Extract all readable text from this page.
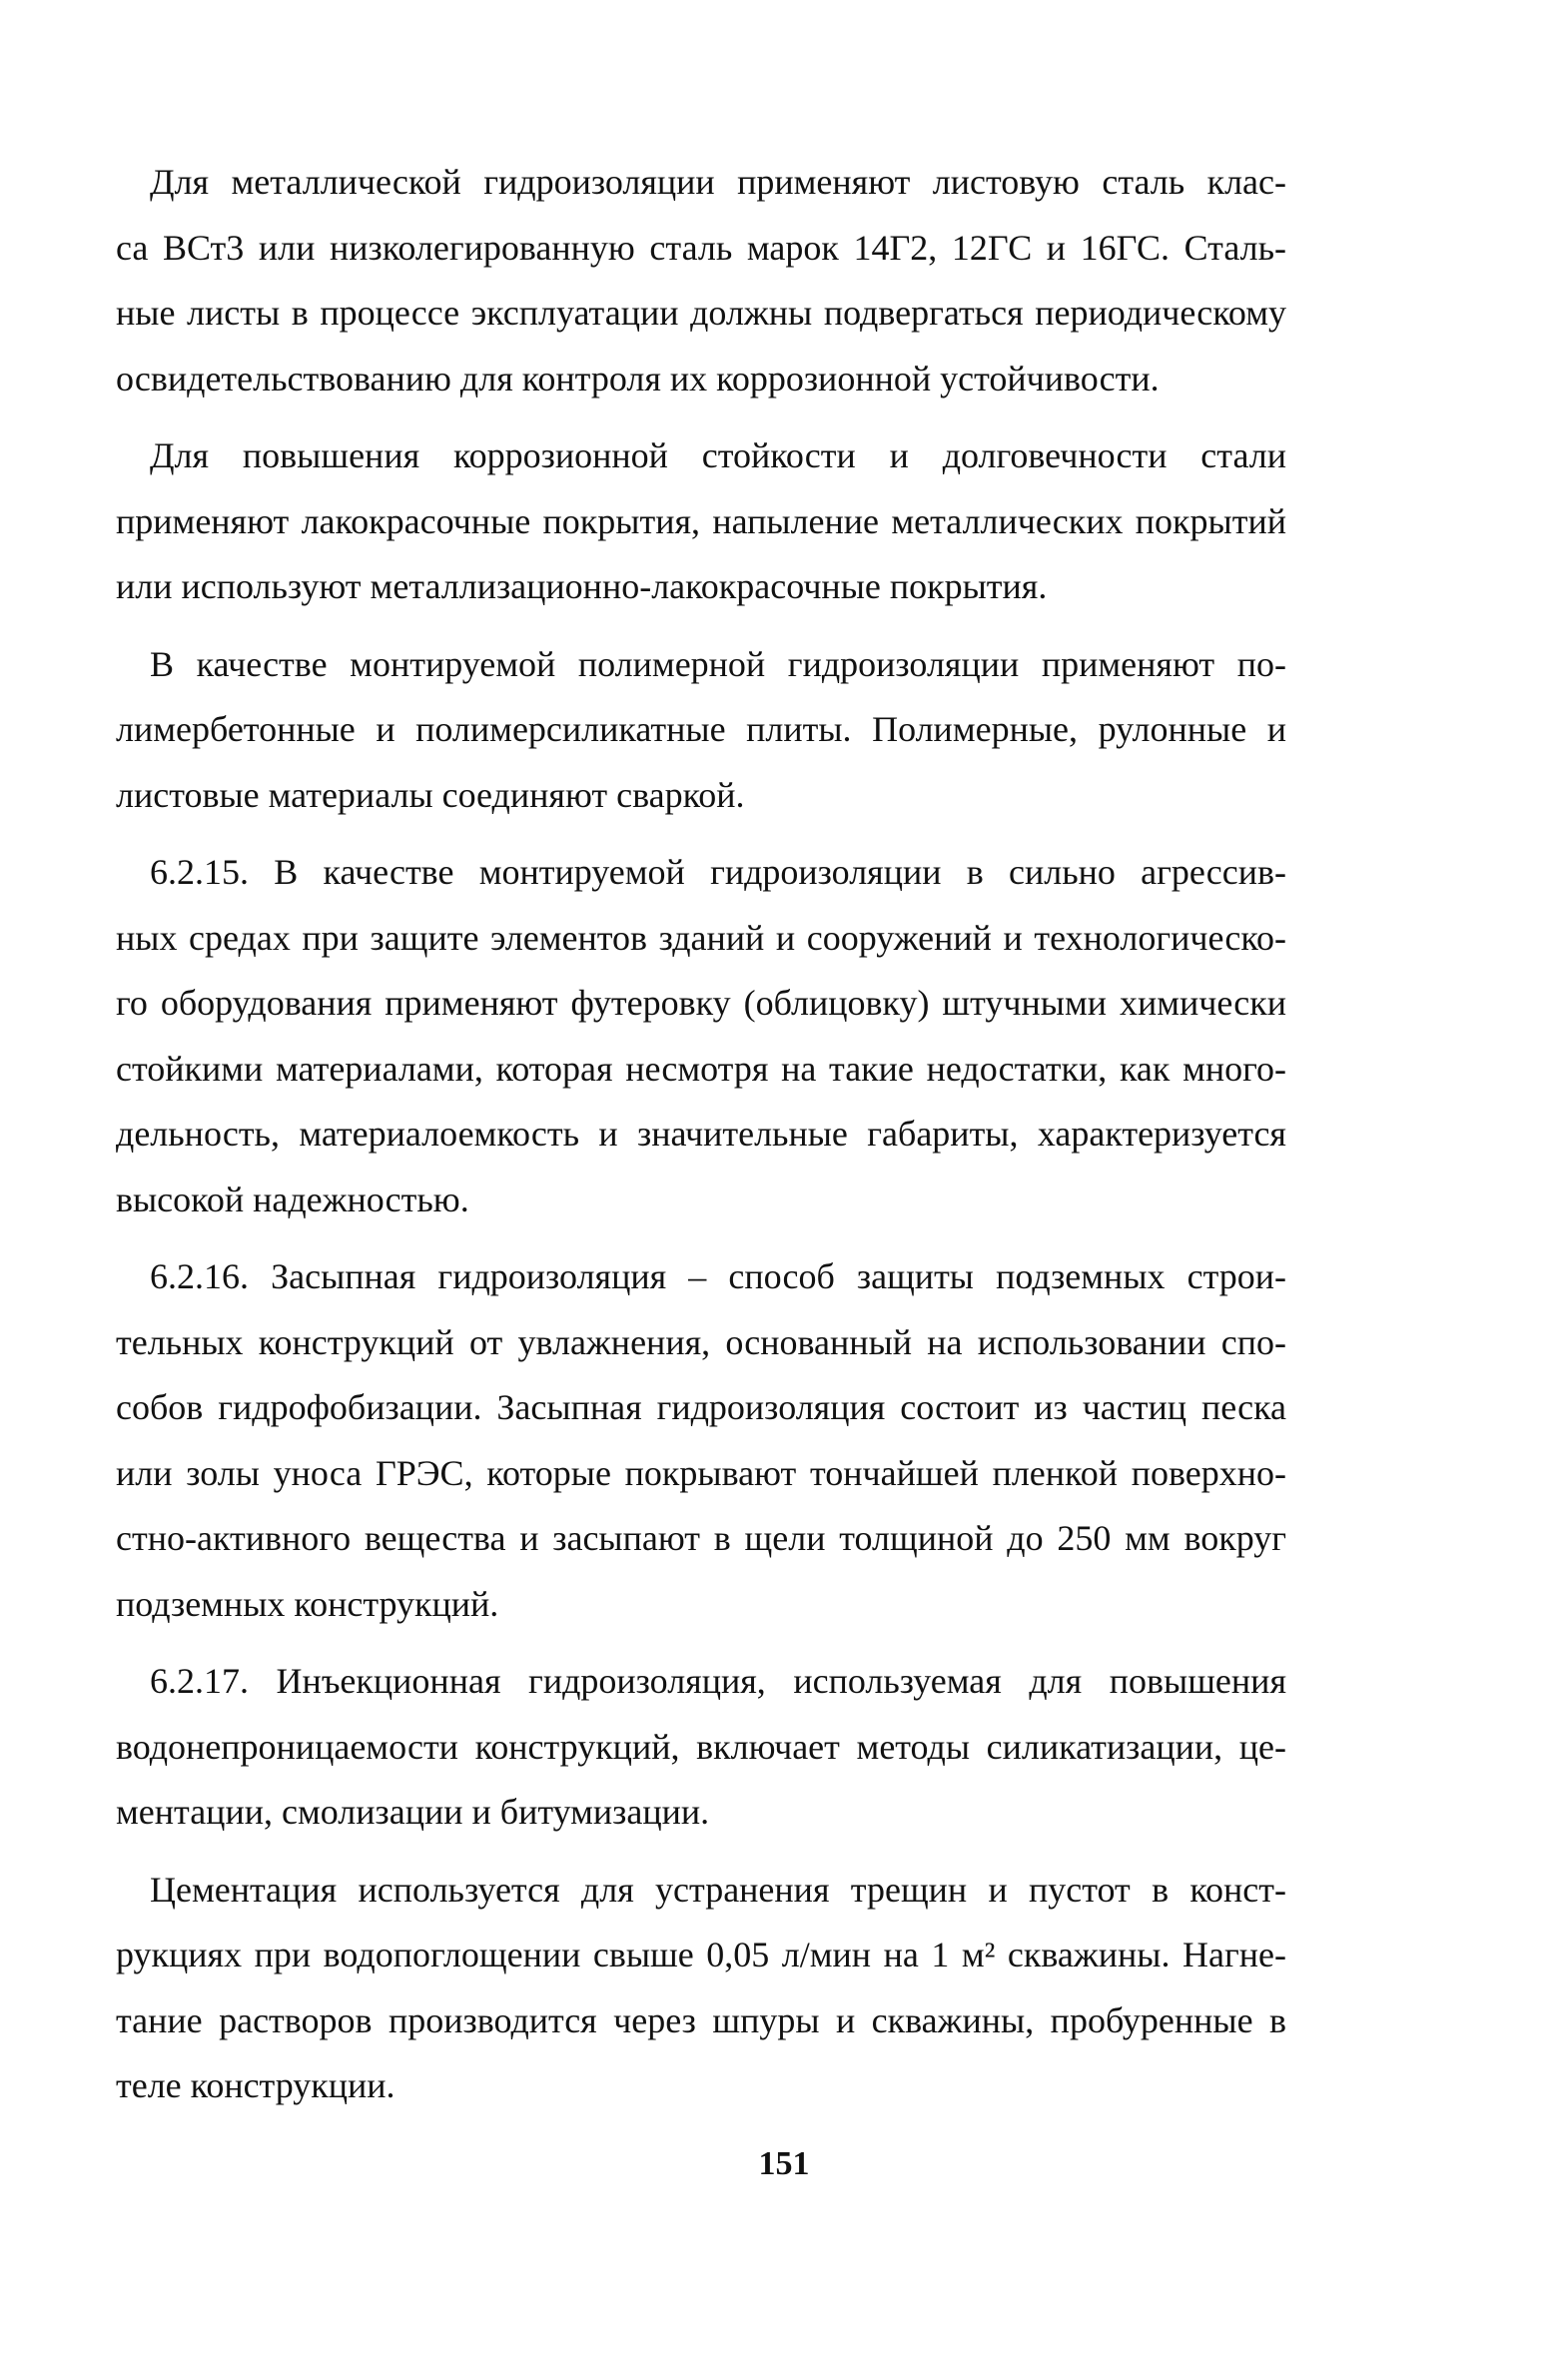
Для металлической гидроизоляции применяют листовую сталь клас-
са ВСт3 или низколегированную сталь марок 14Г2, 12ГС и 16ГС. Сталь-
ные листы в процессе эксплуатации должны подвергаться периодическому
освидетельствованию для контроля их коррозионной устойчивости.

Для повышения коррозионной стойкости и долговечности стали
применяют лакокрасочные покрытия, напыление металлических покрытий
или используют металлизационно-лакокрасочные покрытия.

В качестве монтируемой полимерной гидроизоляции применяют по-
лимербетонные и полимерсиликатные плиты. Полимерные, рулонные и
листовые материалы соединяют сваркой.

6.2.15. В качестве монтируемой гидроизоляции в сильно агрессив-
ных средах при защите элементов зданий и сооружений и технологическо-
го оборудования применяют футеровку (облицовку) штучными химически
стойкими материалами, которая несмотря на такие недостатки, как много-
дельность, материалоемкость и значительные габариты, характеризуется
высокой надежностью.

6.2.16. Засыпная гидроизоляция – способ защиты подземных строи-
тельных конструкций от увлажнения, основанный на использовании спо-
собов гидрофобизации. Засыпная гидроизоляция состоит из частиц песка
или золы уноса ГРЭС, которые покрывают тончайшей пленкой поверхно-
стно-активного вещества и засыпают в щели толщиной до 250 мм вокруг
подземных конструкций.

6.2.17. Инъекционная гидроизоляция, используемая для повышения
водонепроницаемости конструкций, включает методы силикатизации, це-
ментации, смолизации и битумизации.

Цементация используется для устранения трещин и пустот в конст-
рукциях при водопоглощении свыше 0,05 л/мин на 1 м² скважины. Нагне-
тание растворов производится через шпуры и скважины, пробуренные в
теле конструкции.

151
